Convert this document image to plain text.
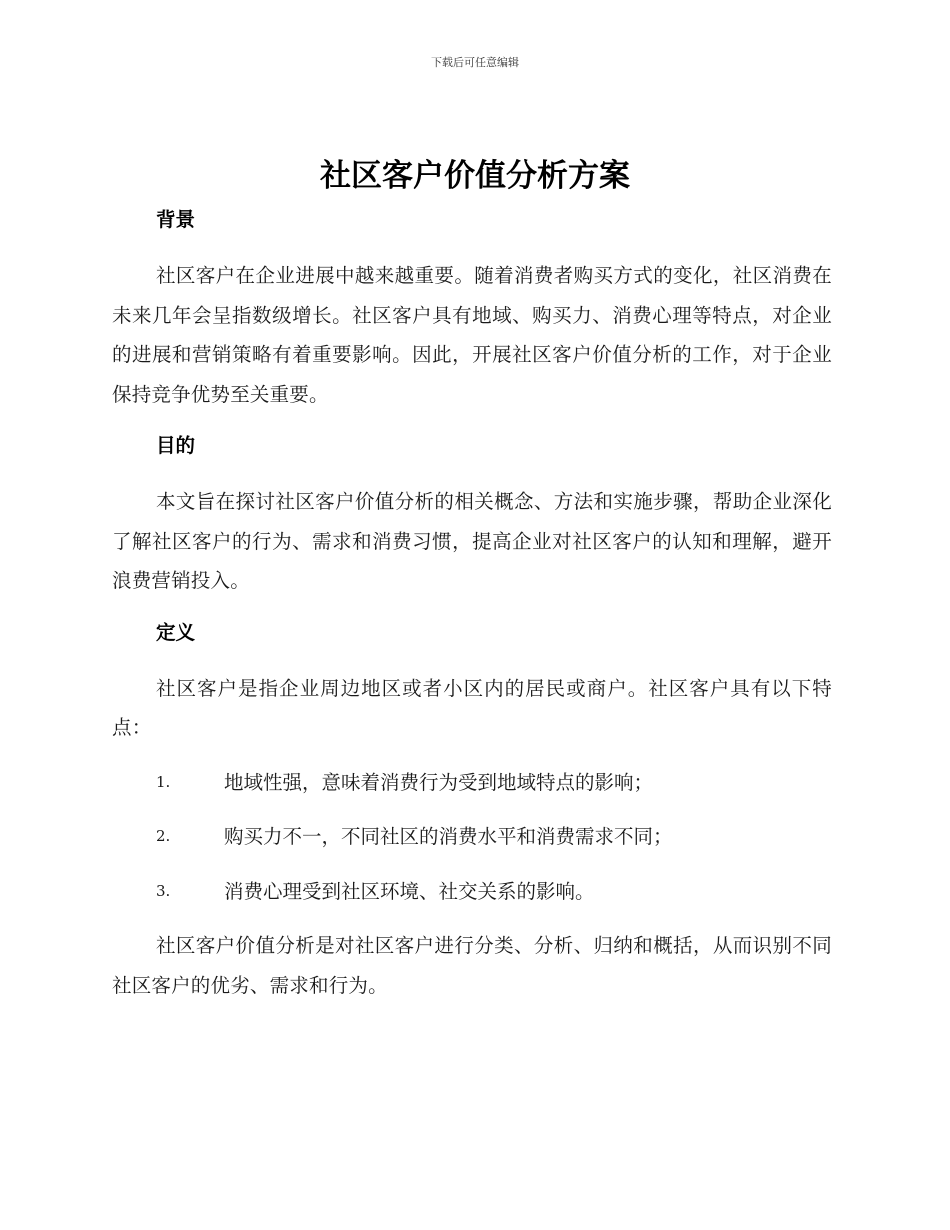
下载后可任意编辑
社区客户价值分析方案
背景

社区客户在企业进展中越来越重要。随着消费者购买方式的变化，社区消费在未来几年会呈指数级增长。社区客户具有地域、购买力、消费心理等特点，对企业的进展和营销策略有着重要影响。因此，开展社区客户价值分析的工作，对于企业保持竞争优势至关重要。

目的

本文旨在探讨社区客户价值分析的相关概念、方法和实施步骤，帮助企业深化了解社区客户的行为、需求和消费习惯，提高企业对社区客户的认知和理解，避开浪费营销投入。

定义

社区客户是指企业周边地区或者小区内的居民或商户。社区客户具有以下特点：

1.	地域性强，意味着消费行为受到地域特点的影响；
2.	购买力不一，不同社区的消费水平和消费需求不同；
3.	消费心理受到社区环境、社交关系的影响。

社区客户价值分析是对社区客户进行分类、分析、归纳和概括，从而识别不同社区客户的优劣、需求和行为。
